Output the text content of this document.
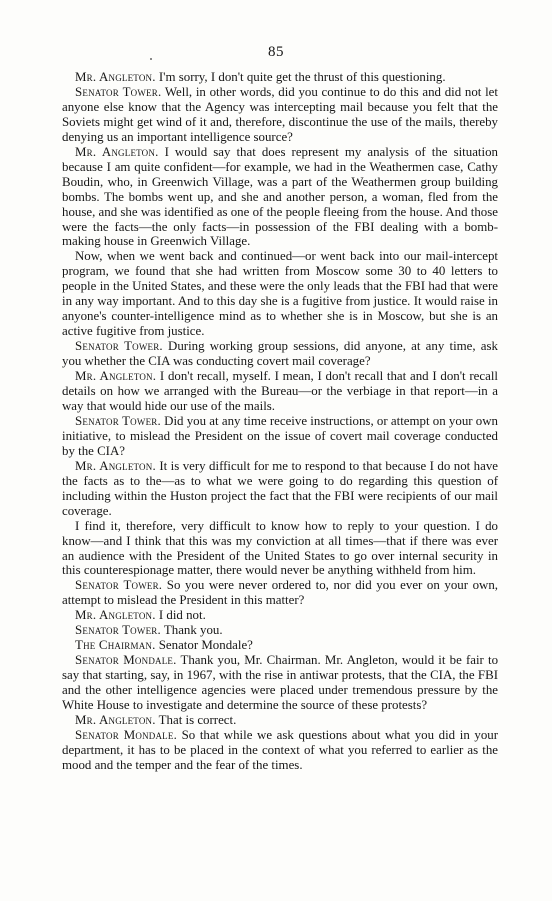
85

Mr. Angleton. I'm sorry, I don't quite get the thrust of this questioning.

Senator Tower. Well, in other words, did you continue to do this and did not let anyone else know that the Agency was intercepting mail because you felt that the Soviets might get wind of it and, therefore, discontinue the use of the mails, thereby denying us an important intelligence source?

Mr. Angleton. I would say that does represent my analysis of the situation because I am quite confident—for example, we had in the Weathermen case, Cathy Boudin, who, in Greenwich Village, was a part of the Weathermen group building bombs. The bombs went up, and she and another person, a woman, fled from the house, and she was identified as one of the people fleeing from the house. And those were the facts—the only facts—in possession of the FBI dealing with a bomb-making house in Greenwich Village.

Now, when we went back and continued—or went back into our mail-intercept program, we found that she had written from Moscow some 30 to 40 letters to people in the United States, and these were the only leads that the FBI had that were in any way important. And to this day she is a fugitive from justice. It would raise in anyone's counter-intelligence mind as to whether she is in Moscow, but she is an active fugitive from justice.

Senator Tower. During working group sessions, did anyone, at any time, ask you whether the CIA was conducting covert mail coverage?

Mr. Angleton. I don't recall, myself. I mean, I don't recall that and I don't recall details on how we arranged with the Bureau—or the verbiage in that report—in a way that would hide our use of the mails.

Senator Tower. Did you at any time receive instructions, or attempt on your own initiative, to mislead the President on the issue of covert mail coverage conducted by the CIA?

Mr. Angleton. It is very difficult for me to respond to that because I do not have the facts as to the—as to what we were going to do regarding this question of including within the Huston project the fact that the FBI were recipients of our mail coverage.

I find it, therefore, very difficult to know how to reply to your question. I do know—and I think that this was my conviction at all times—that if there was ever an audience with the President of the United States to go over internal security in this counterespionage matter, there would never be anything withheld from him.

Senator Tower. So you were never ordered to, nor did you ever on your own, attempt to mislead the President in this matter?

Mr. Angleton. I did not.

Senator Tower. Thank you.

The Chairman. Senator Mondale?

Senator Mondale. Thank you, Mr. Chairman. Mr. Angleton, would it be fair to say that starting, say, in 1967, with the rise in antiwar protests, that the CIA, the FBI and the other intelligence agencies were placed under tremendous pressure by the White House to investigate and determine the source of these protests?

Mr. Angleton. That is correct.

Senator Mondale. So that while we ask questions about what you did in your department, it has to be placed in the context of what you referred to earlier as the mood and the temper and the fear of the times.
